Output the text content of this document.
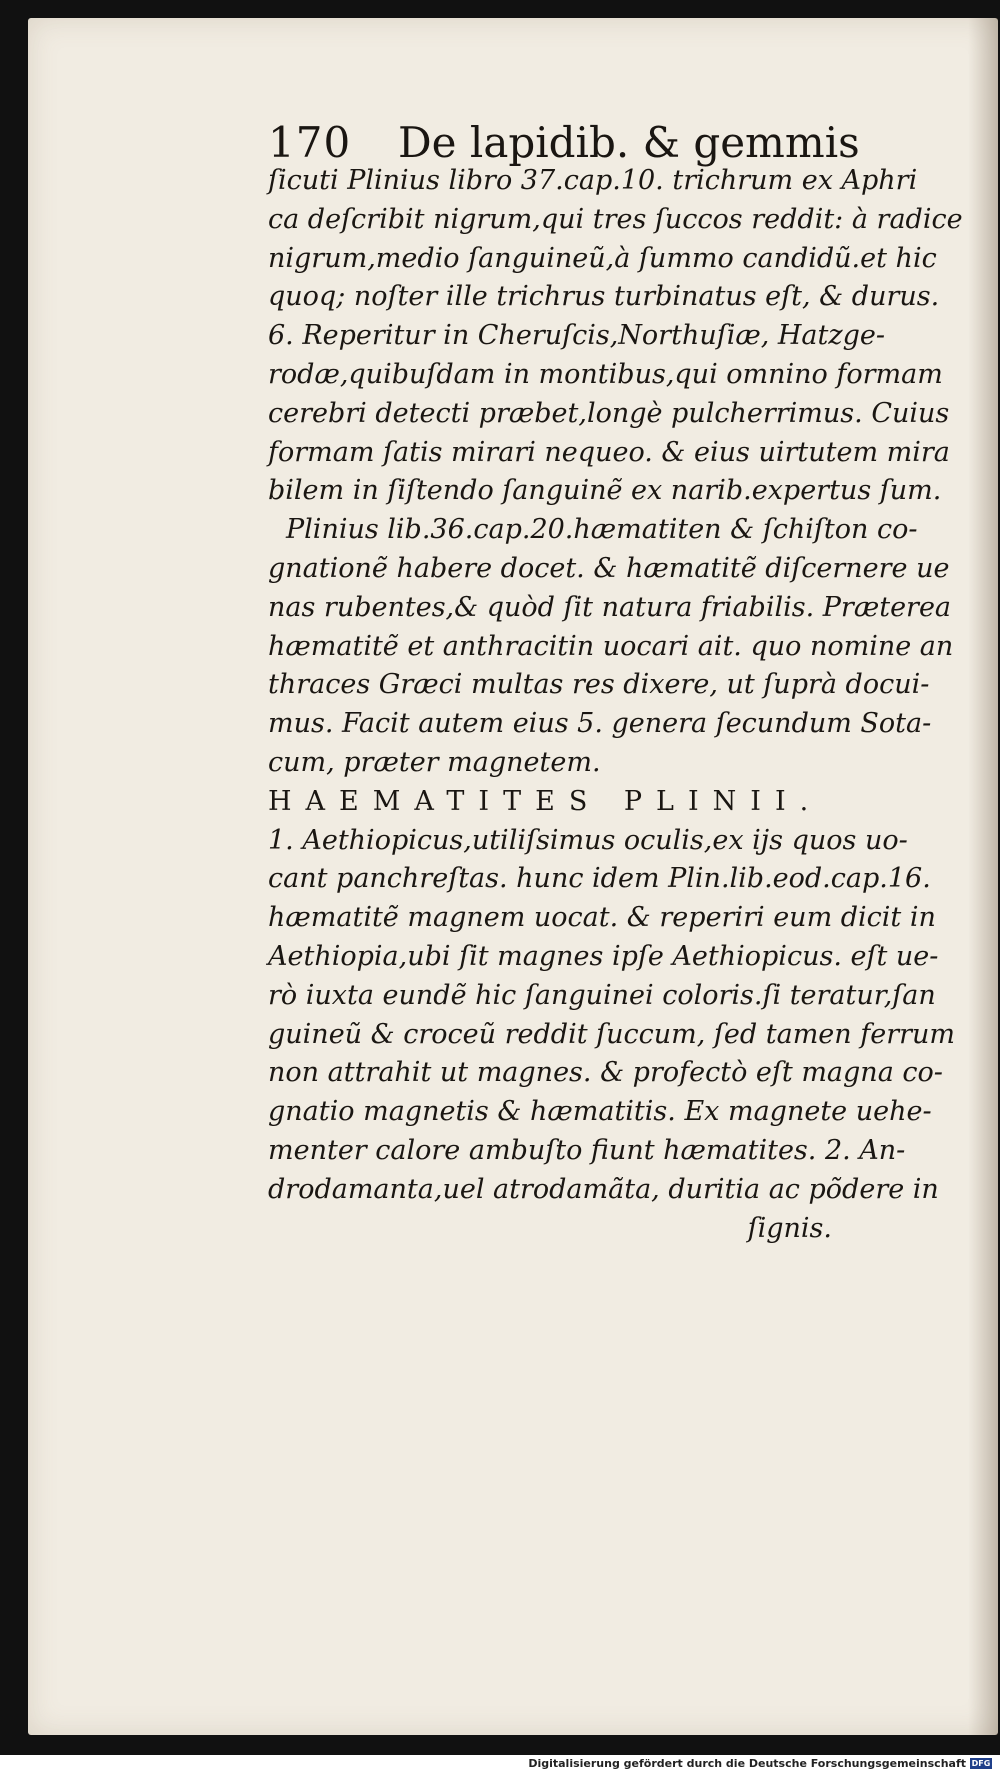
170 De lapidib. & gemmis
ſicuti Plinius libro 37.cap.10. trichrum ex Aphri
ca deſcribit nigrum,qui tres ſuccos reddit: à radice
nigrum,medio ſanguineũ,à ſummo candidũ.et hic
quoq; noſter ille trichrus turbinatus eſt, & durus.
6. Reperitur in Cheruſcis,Northuſiæ, Hatzge-
rodæ,quibuſdam in montibus,qui omnino formam
cerebri detecti præbet,longè pulcherrimus. Cuius
formam ſatis mirari nequeo. & eius uirtutem mira
bilem in ſiſtendo ſanguinẽ ex narib.expertus ſum.
Plinius lib.36.cap.20.hæmatiten & ſchiſton co-
gnationẽ habere docet. & hæmatitẽ diſcernere ue
nas rubentes,& quòd ſit natura friabilis. Præterea
hæmatitẽ et anthracitin uocari ait. quo nomine an
thraces Græci multas res dixere, ut ſuprà docui-
mus. Facit autem eius 5. genera ſecundum Sota-
cum, præter magnetem.
HAEMATITES PLINII.
1. Aethiopicus,utiliſsimus oculis,ex ijs quos uo-
cant panchreſtas. hunc idem Plin.lib.eod.cap.16.
hæmatitẽ magnem uocat. & reperiri eum dicit in
Aethiopia,ubi ſit magnes ipſe Aethiopicus. eſt ue-
rò iuxta eundẽ hic ſanguinei coloris.ſi teratur,ſan
guineũ & croceũ reddit ſuccum, ſed tamen ferrum
non attrahit ut magnes. & profectò eſt magna co-
gnatio magnetis & hæmatitis. Ex magnete uehe-
menter calore ambuſto fiunt hæmatites. 2. An-
drodamanta,uel atrodamãta, duritia ac põdere in
ſignis.
Digitalisierung gefördert durch die Deutsche Forschungsgemeinschaft DFG
